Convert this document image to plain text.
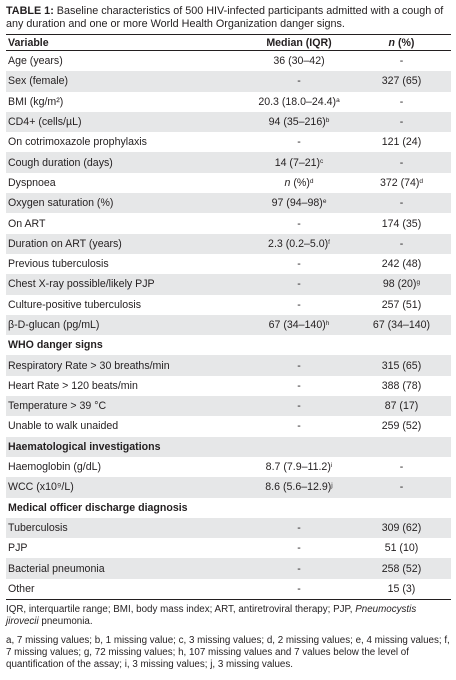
TABLE 1: Baseline characteristics of 500 HIV-infected participants admitted with a cough of any duration and one or more World Health Organization danger signs.
Variable	Median (IQR)	n (%)
Age (years)	36 (30–42)	-
Sex (female)	-	327 (65)
BMI (kg/m²)	20.3 $(18.0-24.4)^a$	-
CD4+ (cells/µL)	94 $(35-216)^b$	-
On cotrimoxazole prophylaxis	-	121 (24)
Cough duration (days)	14 $(7-21)^c$	-
Dyspnoea	n (%)$^d$	372 $(74)^d$
Oxygen saturation (%)	97 $(94-98)^e$	-
On ART	-	174 (35)
Duration on ART (years)	2.3 $(0.2-5.0)^f$	-
Previous tuberculosis	-	242 (48)
Chest X-ray possible/likely PJP	-	98 $(20)^g$
Culture-positive tuberculosis	-	257 (51)
β-D-glucan (pg/mL)	67 $(34-140)^h$	67 (34–140)
WHO danger signs		
Respiratory Rate > 30 breaths/min	-	315 (65)
Heart Rate > 120 beats/min	-	388 (78)
Temperature > 39 °C	-	87 (17)
Unable to walk unaided	-	259 (52)
Haematological investigations		
Haemoglobin (g/dL)	8.7 $(7.9-11.2)^i$	-
WCC (x10⁹/L)	8.6 $(5.6-12.9)^j$	-
Medical officer discharge diagnosis		
Tuberculosis	-	309 (62)
PJP	-	51 (10)
Bacterial pneumonia	-	258 (52)
Other	-	15 (3)

IQR, interquartile range; BMI, body mass index; ART, antiretroviral therapy; PJP, Pneumocystis jirovecii pneumonia.

a, 7 missing values; b, 1 missing value; c, 3 missing values; d, 2 missing values; e, 4 missing values; f, 7 missing values; g, 72 missing values; h, 107 missing values and 7 values below the level of quantification of the assay; i, 3 missing values; j, 3 missing values.
